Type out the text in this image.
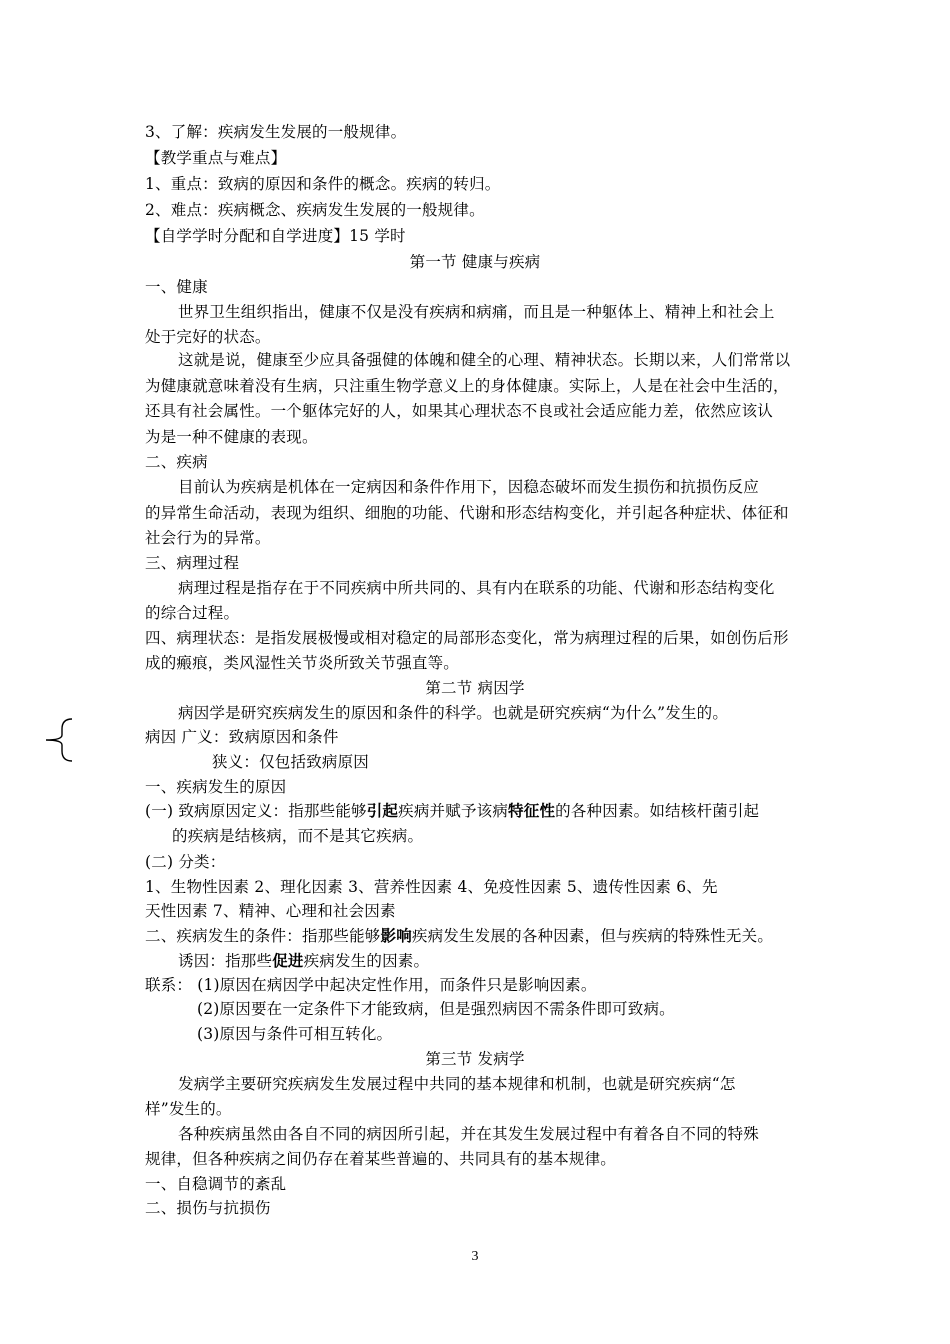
3、了解：疾病发生发展的一般规律。
【教学重点与难点】
1、重点：致病的原因和条件的概念。疾病的转归。
2、难点：疾病概念、疾病发生发展的一般规律。
【自学学时分配和自学进度】15 学时
第一节 健康与疾病
一、健康
世界卫生组织指出，健康不仅是没有疾病和病痛，而且是一种躯体上、精神上和社会上
处于完好的状态。
这就是说，健康至少应具备强健的体魄和健全的心理、精神状态。长期以来，人们常常以
为健康就意味着没有生病，只注重生物学意义上的身体健康。实际上，人是在社会中生活的，
还具有社会属性。一个躯体完好的人，如果其心理状态不良或社会适应能力差，依然应该认
为是一种不健康的表现。
二、疾病
目前认为疾病是机体在一定病因和条件作用下，因稳态破坏而发生损伤和抗损伤反应
的异常生命活动，表现为组织、细胞的功能、代谢和形态结构变化，并引起各种症状、体征和
社会行为的异常。
三、病理过程
病理过程是指存在于不同疾病中所共同的、具有内在联系的功能、代谢和形态结构变化
的综合过程。
四、病理状态：是指发展极慢或相对稳定的局部形态变化，常为病理过程的后果，如创伤后形
成的瘢痕，类风湿性关节炎所致关节强直等。
第二节 病因学
病因学是研究疾病发生的原因和条件的科学。也就是研究疾病“为什么”发生的。
病因 广义：致病原因和条件
狭义：仅包括致病原因
一、疾病发生的原因
(一) 致病原因定义：指那些能够引起疾病并赋予该病特征性的各种因素。如结核杆菌引起
的疾病是结核病，而不是其它疾病。
(二) 分类：
1、生物性因素 2、理化因素 3、营养性因素 4、免疫性因素 5、遗传性因素 6、先
天性因素 7、精神、心理和社会因素
二、疾病发生的条件：指那些能够影响疾病发生发展的各种因素，但与疾病的特殊性无关。
诱因：指那些促进疾病发生的因素。
联系： (1)原因在病因学中起决定性作用，而条件只是影响因素。
(2)原因要在一定条件下才能致病，但是强烈病因不需条件即可致病。
(3)原因与条件可相互转化。
第三节 发病学
发病学主要研究疾病发生发展过程中共同的基本规律和机制，也就是研究疾病“怎
样”发生的。
各种疾病虽然由各自不同的病因所引起，并在其发生发展过程中有着各自不同的特殊
规律，但各种疾病之间仍存在着某些普遍的、共同具有的基本规律。
一、自稳调节的紊乱
二、损伤与抗损伤
3
